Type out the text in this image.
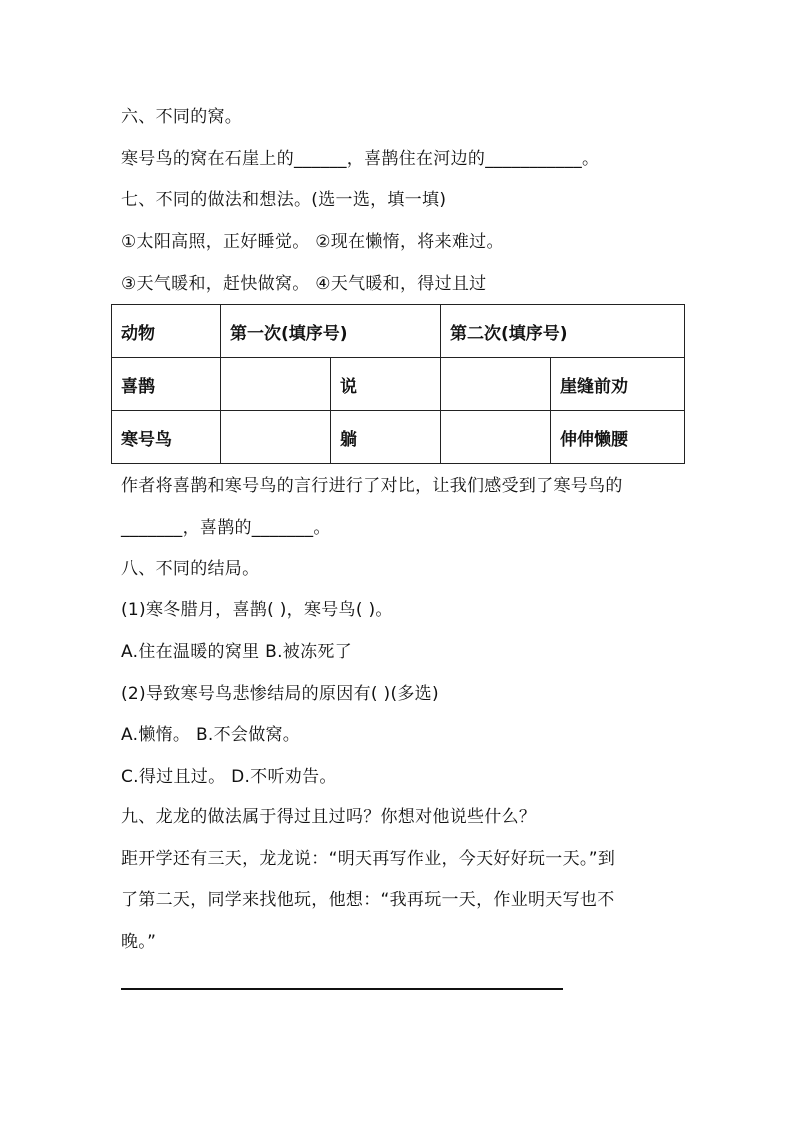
六、不同的窝。
寒号鸟的窝在石崖上的______，喜鹊住在河边的___________。
七、不同的做法和想法。(选一选，填一填)
①太阳高照，正好睡觉。 ②现在懒惰，将来难过。
③天气暖和，赶快做窝。 ④天气暖和，得过且过
动物	第一次(填序号)		第二次(填序号)	
喜鹊		说		崖缝前劝
寒号鸟		躺		伸伸懒腰
作者将喜鹊和寒号鸟的言行进行了对比，让我们感受到了寒号鸟的
_______，喜鹊的_______。
八、不同的结局。
(1)寒冬腊月，喜鹊( )，寒号鸟( )。
A.住在温暖的窝里 B.被冻死了
(2)导致寒号鸟悲惨结局的原因有( )(多选)
A.懒惰。 B.不会做窝。
C.得过且过。 D.不听劝告。
九、龙龙的做法属于得过且过吗？你想对他说些什么？
距开学还有三天，龙龙说：“明天再写作业，今天好好玩一天。”到
了第二天，同学来找他玩，他想：“我再玩一天，作业明天写也不
晚。”
